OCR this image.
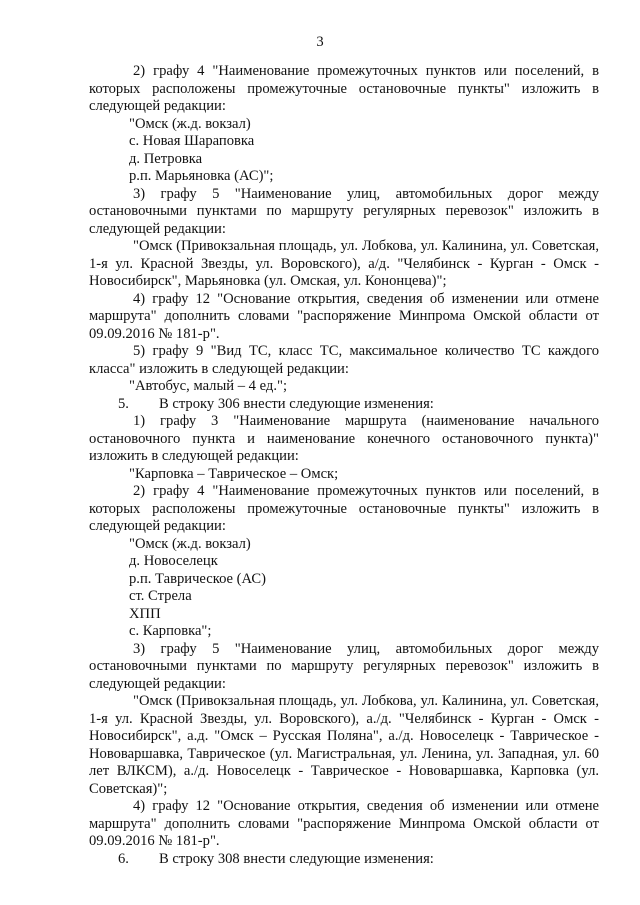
3

2) графу 4 "Наименование промежуточных пунктов или поселений, в которых расположены промежуточные остановочные пункты" изложить в следующей редакции:

"Омск (ж.д. вокзал)

с. Новая Шараповка

д. Петровка

р.п. Марьяновка (АС)";

3) графу 5 "Наименование улиц, автомобильных дорог между остановочными пунктами по маршруту регулярных перевозок" изложить в следующей редакции:

"Омск (Привокзальная площадь, ул. Лобкова, ул. Калинина, ул. Советская, 1-я ул. Красной Звезды, ул. Воровского), а/д. "Челябинск - Курган - Омск - Новосибирск", Марьяновка (ул. Омская, ул. Кононцева)";

4) графу 12 "Основание открытия, сведения об изменении или отмене маршрута" дополнить словами "распоряжение Минпрома Омской области от 09.09.2016 № 181-р".

5) графу 9 "Вид ТС, класс ТС, максимальное количество ТС каждого класса" изложить в следующей редакции:

"Автобус, малый – 4 ед.";

5. В строку 306 внести следующие изменения:

1) графу 3 "Наименование маршрута (наименование начального остановочного пункта и наименование конечного остановочного пункта)" изложить в следующей редакции:

"Карповка – Таврическое – Омск;

2) графу 4 "Наименование промежуточных пунктов или поселений, в которых расположены промежуточные остановочные пункты" изложить в следующей редакции:

"Омск (ж.д. вокзал)

д. Новоселецк

р.п. Таврическое (АС)

ст. Стрела

ХПП

с. Карповка";

3) графу 5 "Наименование улиц, автомобильных дорог между остановочными пунктами по маршруту регулярных перевозок" изложить в следующей редакции:

"Омск (Привокзальная площадь, ул. Лобкова, ул. Калинина, ул. Советская, 1-я ул. Красной Звезды, ул. Воровского), а./д. "Челябинск - Курган - Омск - Новосибирск", а.д. "Омск – Русская Поляна", а./д. Новоселецк - Таврическое - Нововаршавка, Таврическое (ул. Магистральная, ул. Ленина, ул. Западная, ул. 60 лет ВЛКСМ), а./д. Новоселецк - Таврическое - Нововаршавка, Карповка (ул. Советская)";

4) графу 12 "Основание открытия, сведения об изменении или отмене маршрута" дополнить словами "распоряжение Минпрома Омской области от 09.09.2016 № 181-р".

6. В строку 308 внести следующие изменения:
